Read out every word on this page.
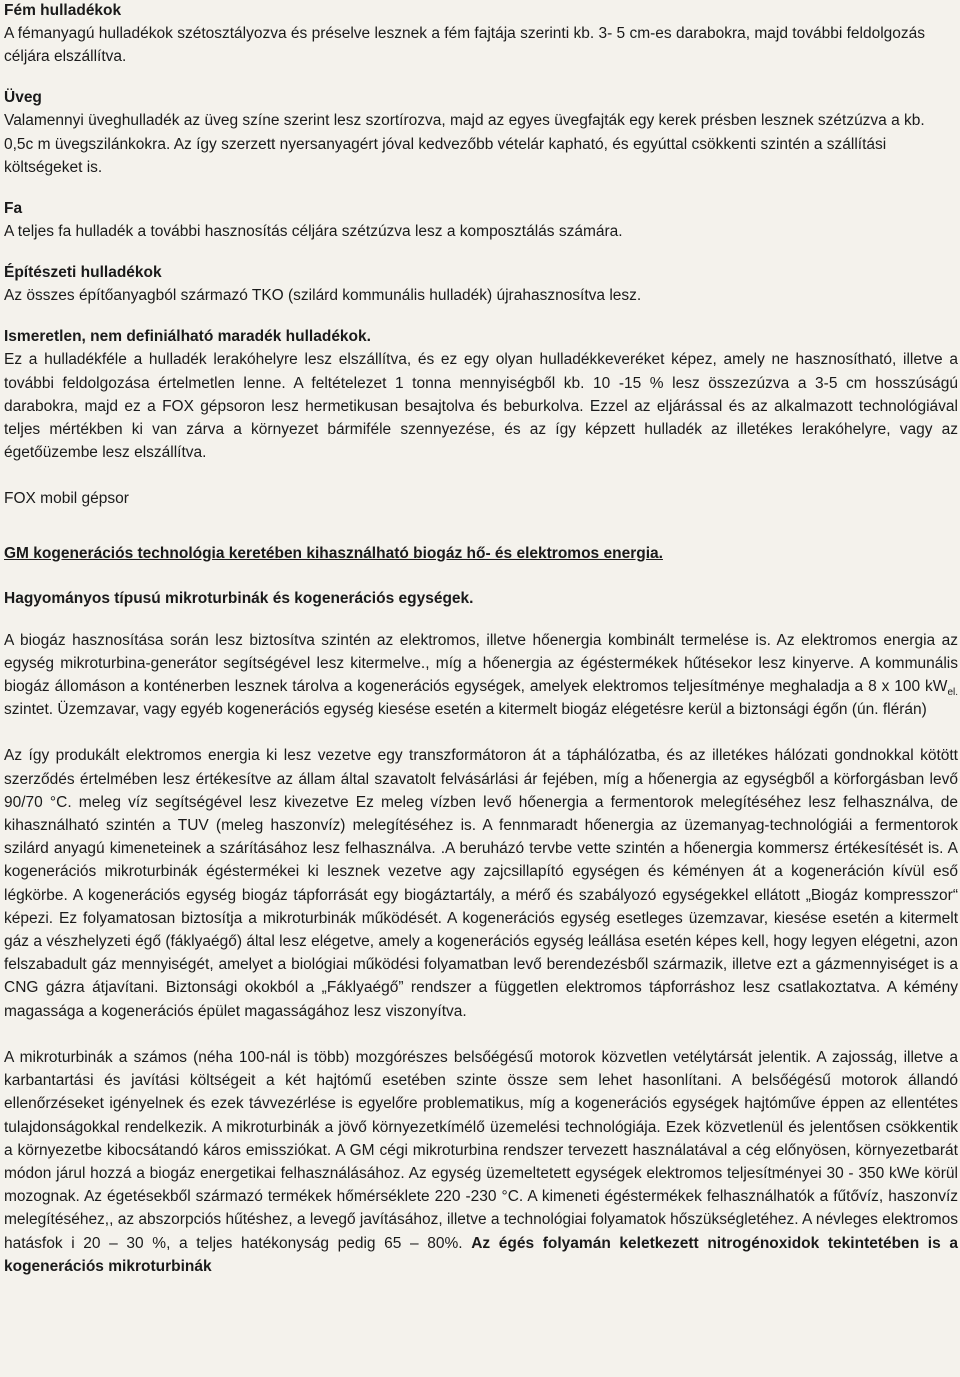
Fém hulladékok

A fémanyagú hulladékok szétosztályozva és préselve lesznek a fém fajtája szerinti kb. 3- 5 cm-es darabokra, majd további feldolgozás céljára elszállítva.

Üveg

Valamennyi üveghulladék az üveg színe szerint lesz szortírozva, majd az egyes üvegfajták egy kerek présben lesznek szétzúzva a kb. 0,5c m üvegszilánkokra. Az így szerzett nyersanyagért jóval kedvezőbb vételár kapható, és egyúttal csökkenti szintén a szállítási költségeket is.

Fa

A teljes fa hulladék a további hasznosítás céljára szétzúzva lesz a komposztálás számára.

Építészeti hulladékok

Az összes építőanyagból származó TKO (szilárd kommunális hulladék) újrahasznosítva lesz.

Ismeretlen, nem definiálható maradék hulladékok.

Ez a hulladékféle a hulladék lerakóhelyre lesz elszállítva, és ez egy olyan hulladékkeveréket képez, amely ne hasznosítható, illetve a további feldolgozása értelmetlen lenne. A feltételezet 1 tonna mennyiségből kb. 10 -15 % lesz összezúzva a 3-5 cm hosszúságú darabokra, majd ez a FOX gépsoron lesz hermetikusan besajtolva és beburkolva. Ezzel az eljárással és az alkalmazott technológiával teljes mértékben ki van zárva a környezet bármiféle szennyezése, és az így képzett hulladék az illetékes lerakóhelyre, vagy az égetőüzembe lesz elszállítva.

FOX mobil gépsor

GM kogenerációs technológia keretében kihasználható biogáz hő- és elektromos energia.

Hagyományos típusú mikroturbinák és kogenerációs egységek.

A biogáz hasznosítása során lesz biztosítva szintén az elektromos, illetve hőenergia kombinált termelése is. Az elektromos energia az egység mikroturbina-generátor segítségével lesz kitermelve., míg a hőenergia az égéstermékek hűtésekor lesz kinyerve. A kommunális biogáz állomáson a konténerben lesznek tárolva a kogenerációs egységek, amelyek elektromos teljesítménye meghaladja a 8 x 100 $kW_{el.}$ szintet. Üzemzavar, vagy egyéb kogenerációs egység kiesése esetén a kitermelt biogáz elégetésre kerül a biztonsági égőn (ún. flérán)

Az így produkált elektromos energia ki lesz vezetve egy transzformátoron át a táphálózatba, és az illetékes hálózati gondnokkal kötött szerződés értelmében lesz értékesítve az állam által szavatolt felvásárlási ár fejében, míg a hőenergia az egységből a körforgásban levő 90/70 °C. meleg víz segítségével lesz kivezetve Ez meleg vízben levő hőenergia a fermentorok melegítéséhez lesz felhasználva, de kihasználható szintén a TUV (meleg haszonvíz) melegítéséhez is. A fennmaradt hőenergia az üzemanyag-technológiái a fermentorok szilárd anyagú kimeneteinek a szárításához lesz felhasználva. .A beruházó tervbe vette szintén a hőenergia kommersz értékesítését is. A kogenerációs mikroturbinák égéstermékei ki lesznek vezetve agy zajcsillapító egységen és kéményen át a kogeneráción kívül eső légkörbe. A kogenerációs egység biogáz tápforrását egy biogáztartály, a mérő és szabályozó egységekkel ellátott „Biogáz kompresszor“ képezi. Ez folyamatosan biztosítja a mikroturbinák működését. A kogenerációs egység esetleges üzemzavar, kiesése esetén a kitermelt gáz a vészhelyzeti égő (fáklyaégő) által lesz elégetve, amely a kogenerációs egység leállása esetén képes kell, hogy legyen elégetni, azon felszabadult gáz mennyiségét, amelyet a biológiai működési folyamatban levő berendezésből származik, illetve ezt a gázmennyiséget is a CNG gázra átjavítani. Biztonsági okokból a „Fáklyaégő” rendszer a független elektromos tápforráshoz lesz csatlakoztatva. A kémény magassága a kogenerációs épület magasságához lesz viszonyítva.

A mikroturbinák a számos (néha 100-nál is több) mozgórészes belsőégésű motorok közvetlen vetélytársát jelentik. A zajosság, illetve a karbantartási és javítási költségeit a két hajtómű esetében szinte össze sem lehet hasonlítani. A belsőégésű motorok állandó ellenőrzéseket igényelnek és ezek távvezérlése is egyelőre problematikus, míg a kogenerációs egységek hajtóműve éppen az ellentétes tulajdonságokkal rendelkezik. A mikroturbinák a jövő környezetkímélő üzemelési technológiája. Ezek közvetlenül és jelentősen csökkentik a környezetbe kibocsátandó káros emissziókat. A GM cégi mikroturbina rendszer tervezett használatával a cég előnyösen, környezetbarát módon járul hozzá a biogáz energetikai felhasználásához. Az egység üzemeltetett egységek elektromos teljesítményei 30 - 350 kWe körül mozognak. Az égetésekből származó termékek hőmérséklete 220 -230 °C. A kimeneti égéstermékek felhasználhatók a fűtővíz, haszonvíz melegítéséhez,, az abszorpciós hűtéshez, a levegő javításához, illetve a technológiai folyamatok hőszükségletéhez. A névleges elektromos hatásfok i 20 – 30 %, a teljes hatékonyság pedig 65 – 80%. Az égés folyamán keletkezett nitrogénoxidok tekintetében is a kogenerációs mikroturbinák
